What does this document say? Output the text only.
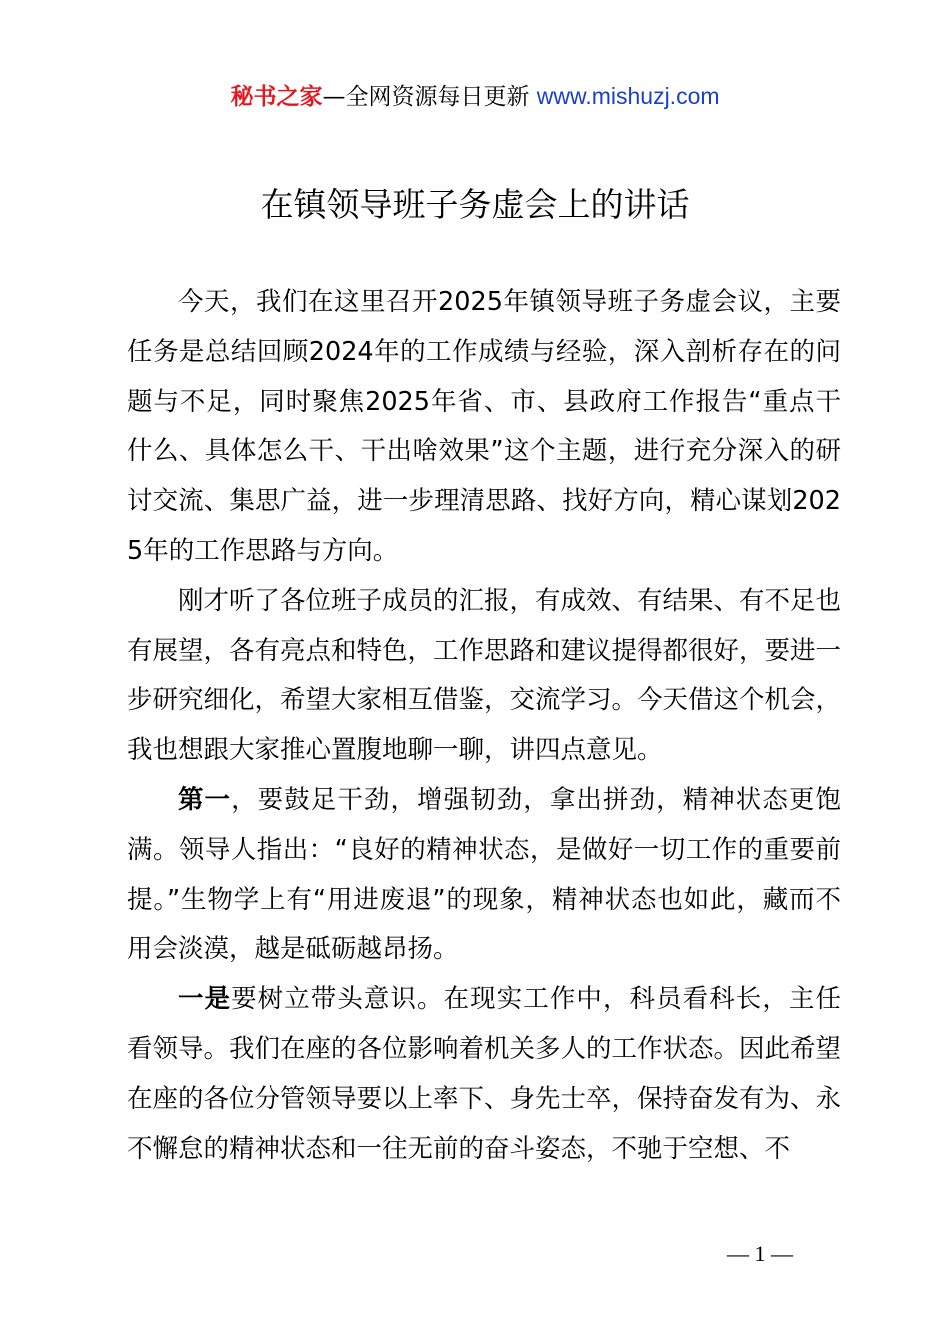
秘书之家—全网资源每日更新 www.mishuzj.com
在镇领导班子务虚会上的讲话

今天，我们在这里召开2025年镇领导班子务虚会议，主要任务是总结回顾2024年的工作成绩与经验，深入剖析存在的问题与不足，同时聚焦2025年省、市、县政府工作报告“重点干什么、具体怎么干、干出啥效果”这个主题，进行充分深入的研讨交流、集思广益，进一步理清思路、找好方向，精心谋划2025年的工作思路与方向。

刚才听了各位班子成员的汇报，有成效、有结果、有不足也有展望，各有亮点和特色，工作思路和建议提得都很好，要进一步研究细化，希望大家相互借鉴，交流学习。今天借这个机会，我也想跟大家推心置腹地聊一聊，讲四点意见。

第一，要鼓足干劲，增强韧劲，拿出拼劲，精神状态更饱满。领导人指出：“良好的精神状态，是做好一切工作的重要前提。”生物学上有“用进废退”的现象，精神状态也如此，藏而不用会淡漠，越是砥砺越昂扬。

一是要树立带头意识。在现实工作中，科员看科长，主任看领导。我们在座的各位影响着机关多人的工作状态。因此希望在座的各位分管领导要以上率下、身先士卒，保持奋发有为、永不懈怠的精神状态和一往无前的奋斗姿态，不驰于空想、不

— 1 —
